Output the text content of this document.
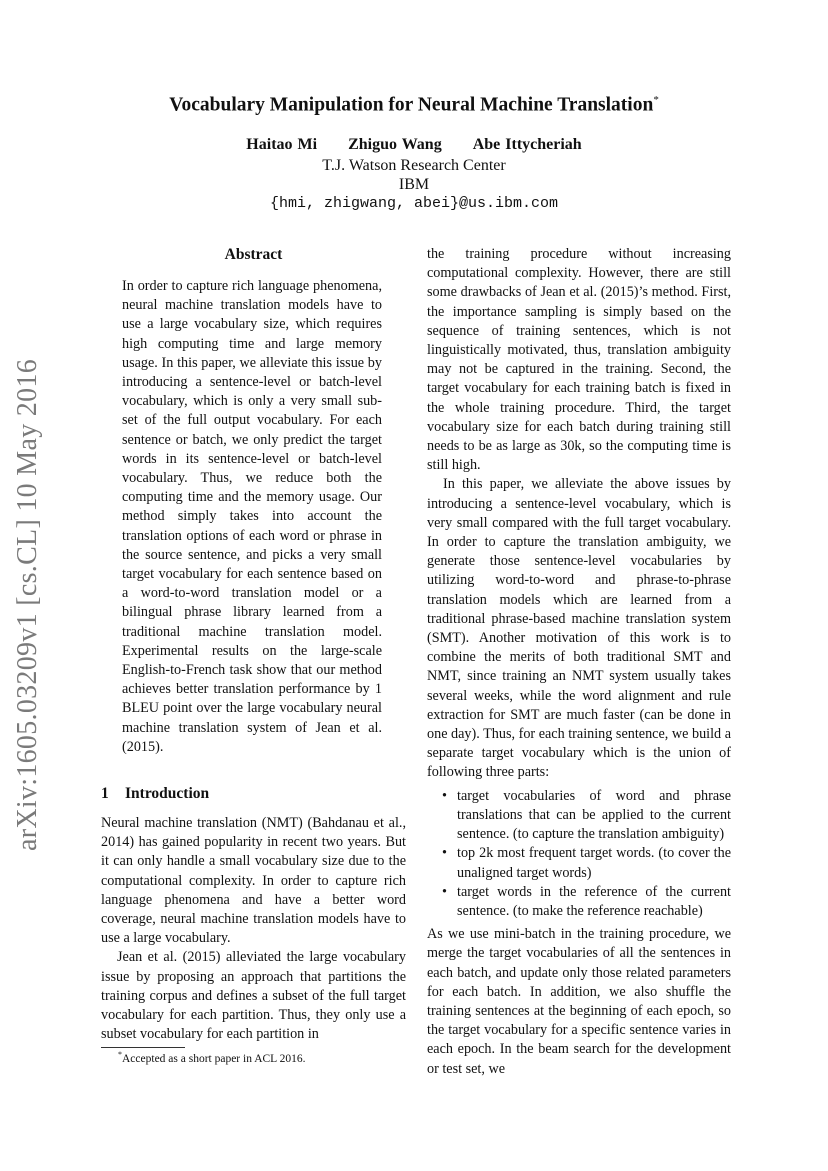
arXiv:1605.03209v1 [cs.CL] 10 May 2016
Vocabulary Manipulation for Neural Machine Translation*
Haitao Mi Zhiguo Wang Abe Ittycheriah
T.J. Watson Research Center
IBM
{hmi, zhigwang, abei}@us.ibm.com
Abstract
In order to capture rich language phenomena, neural machine translation models have to use a large vocabulary size, which requires high computing time and large memory usage. In this paper, we alleviate this issue by introducing a sentence-level or batch-level vocabulary, which is only a very small sub-set of the full output vocabulary. For each sentence or batch, we only predict the target words in its sentence-level or batch-level vocabulary. Thus, we reduce both the computing time and the memory usage. Our method simply takes into account the translation options of each word or phrase in the source sentence, and picks a very small target vocabulary for each sentence based on a word-to-word translation model or a bilingual phrase library learned from a traditional machine translation model. Experimental results on the large-scale English-to-French task show that our method achieves better translation performance by 1 BLEU point over the large vocabulary neural machine translation system of Jean et al. (2015).
1 Introduction

Neural machine translation (NMT) (Bahdanau et al., 2014) has gained popularity in recent two years. But it can only handle a small vocabulary size due to the computational complexity. In order to capture rich language phenomena and have a better word coverage, neural machine translation models have to use a large vocabulary.

Jean et al. (2015) alleviated the large vocabulary issue by proposing an approach that partitions the training corpus and defines a subset of the full target vocabulary for each partition. Thus, they only use a subset vocabulary for each partition in

the training procedure without increasing computational complexity. However, there are still some drawbacks of Jean et al. (2015)’s method. First, the importance sampling is simply based on the sequence of training sentences, which is not linguistically motivated, thus, translation ambiguity may not be captured in the training. Second, the target vocabulary for each training batch is fixed in the whole training procedure. Third, the target vocabulary size for each batch during training still needs to be as large as 30k, so the computing time is still high.

In this paper, we alleviate the above issues by introducing a sentence-level vocabulary, which is very small compared with the full target vocabulary. In order to capture the translation ambiguity, we generate those sentence-level vocabularies by utilizing word-to-word and phrase-to-phrase translation models which are learned from a traditional phrase-based machine translation system (SMT). Another motivation of this work is to combine the merits of both traditional SMT and NMT, since training an NMT system usually takes several weeks, while the word alignment and rule extraction for SMT are much faster (can be done in one day). Thus, for each training sentence, we build a separate target vocabulary which is the union of following three parts:

• target vocabularies of word and phrase translations that can be applied to the current sentence. (to capture the translation ambiguity)
• top 2k most frequent target words. (to cover the unaligned target words)
• target words in the reference of the current sentence. (to make the reference reachable)

As we use mini-batch in the training procedure, we merge the target vocabularies of all the sentences in each batch, and update only those related parameters for each batch. In addition, we also shuffle the training sentences at the beginning of each epoch, so the target vocabulary for a specific sentence varies in each epoch. In the beam search for the development or test set, we

*Accepted as a short paper in ACL 2016.
